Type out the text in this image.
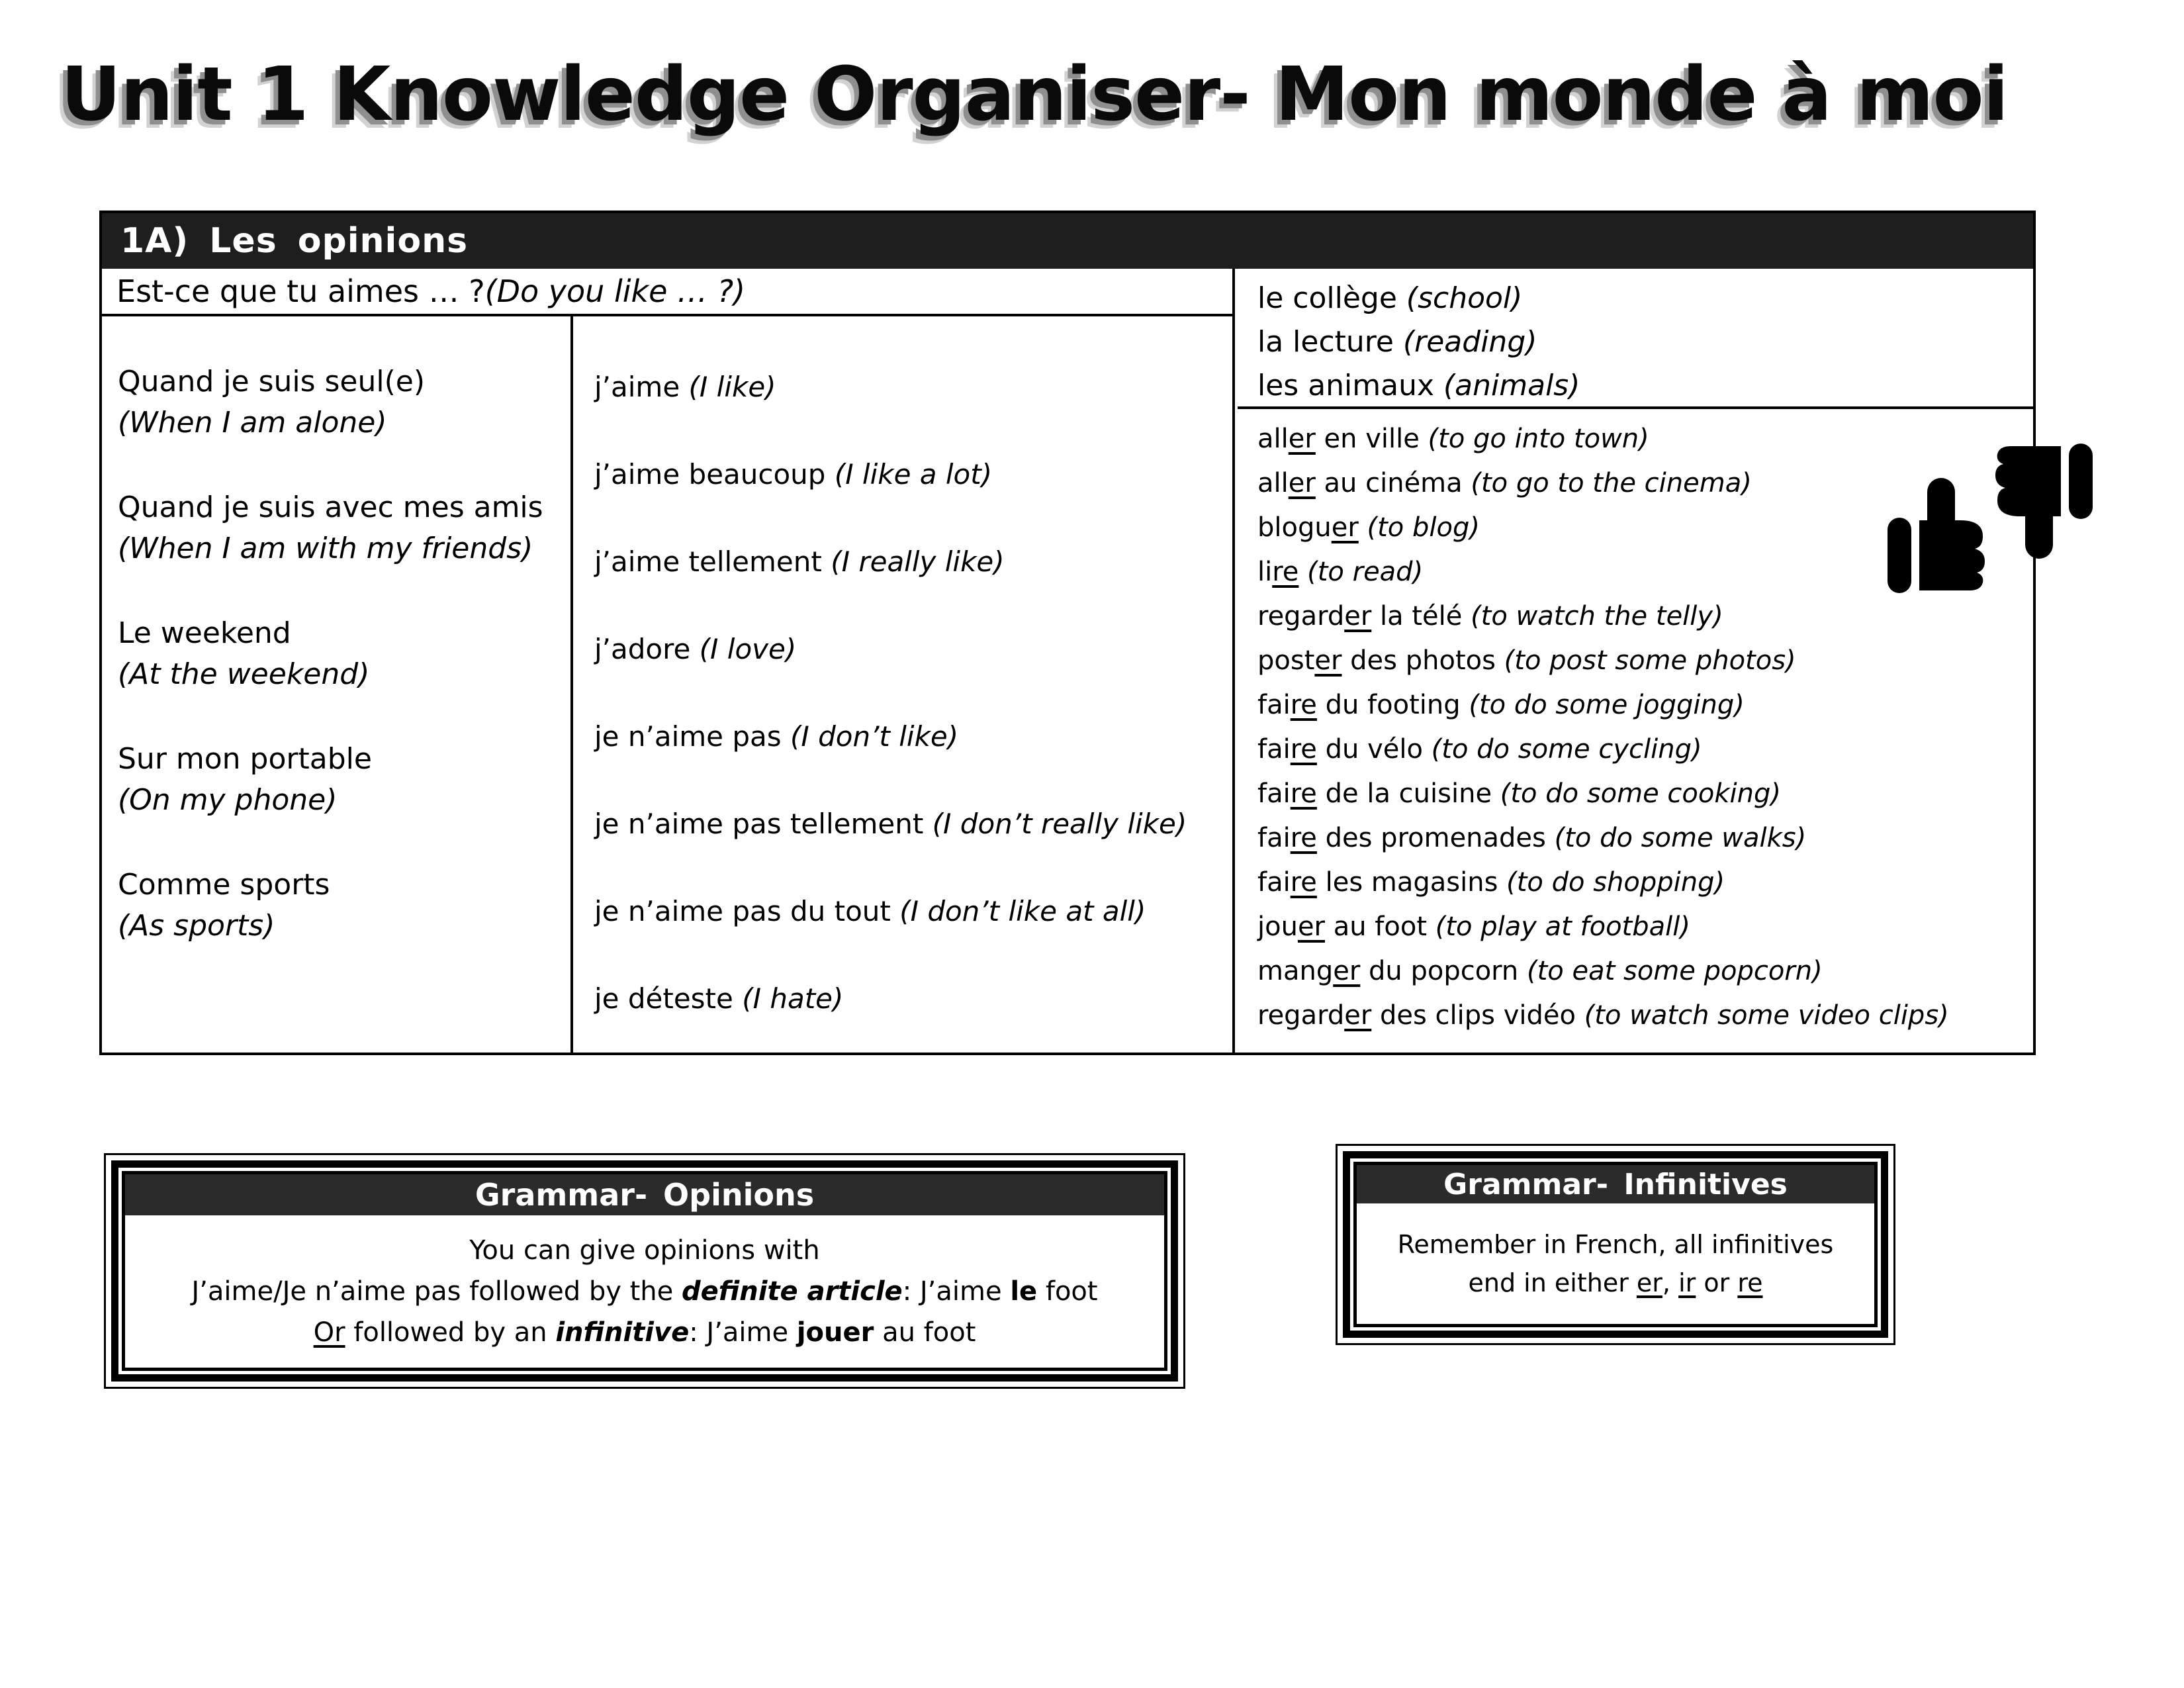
Unit 1 Knowledge Organiser- Mon monde à moi
1A) Les opinions
Est-ce que tu aimes … ? (Do you like … ?)
Quand je suis seul(e)
(When I am alone)
Quand je suis avec mes amis
(When I am with my friends)
Le weekend
(At the weekend)
Sur mon portable
(On my phone)
Comme sports
(As sports)
j’aime (I like)
j’aime beaucoup (I like a lot)
j’aime tellement (I really like)
j’adore (I love)
je n’aime pas (I don’t like)
je n’aime pas tellement (I don’t really like)
je n’aime pas du tout (I don’t like at all)
je déteste (I hate)
le collège (school)
la lecture (reading)
les animaux (animals)
aller en ville (to go into town)
aller au cinéma (to go to the cinema)
bloguer (to blog)
lire (to read)
regarder la télé (to watch the telly)
poster des photos (to post some photos)
faire du footing (to do some jogging)
faire du vélo (to do some cycling)
faire de la cuisine (to do some cooking)
faire des promenades (to do some walks)
faire les magasins (to do shopping)
jouer au foot (to play at football)
manger du popcorn (to eat some popcorn)
regarder des clips vidéo (to watch some video clips)
Grammar- Opinions
You can give opinions with
J’aime/Je n’aime pas followed by the definite article: J’aime le foot
Or followed by an infinitive: J’aime jouer au foot
Grammar- Infinitives
Remember in French, all infinitives
end in either er, ir or re
